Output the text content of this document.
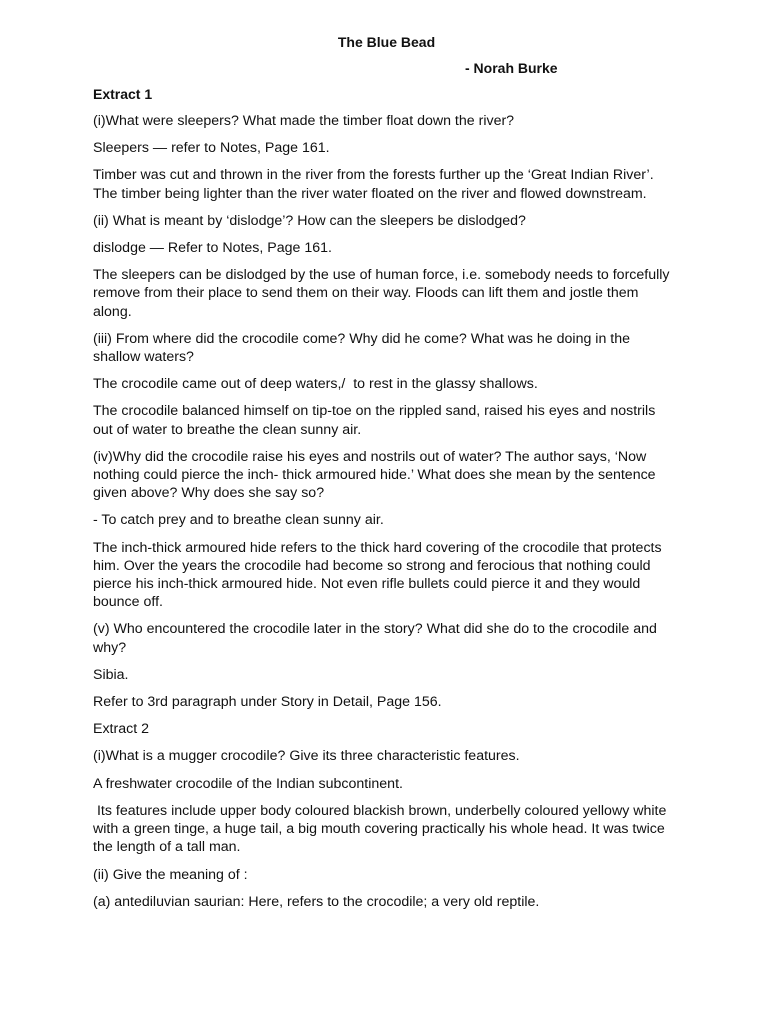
The Blue Bead
- Norah Burke
Extract 1
(i)What were sleepers? What made the timber float down the river?
Sleepers — refer to Notes, Page 161.
Timber was cut and thrown in the river from the forests further up the ‘Great Indian River’. The timber being lighter than the river water floated on the river and flowed downstream.
(ii) What is meant by ‘dislodge’? How can the sleepers be dislodged?
dislodge — Refer to Notes, Page 161.
The sleepers can be dislodged by the use of human force, i.e. somebody needs to forcefully remove from their place to send them on their way. Floods can lift them and jostle them along.
(iii) From where did the crocodile come? Why did he come? What was he doing in the shallow waters?
The crocodile came out of deep waters,/  to rest in the glassy shallows.
The crocodile balanced himself on tip-toe on the rippled sand, raised his eyes and nostrils out of water to breathe the clean sunny air.
(iv)Why did the crocodile raise his eyes and nostrils out of water? The author says, ‘Now nothing could pierce the inch- thick armoured hide.’ What does she mean by the sentence given above? Why does she say so?
- To catch prey and to breathe clean sunny air.
The inch-thick armoured hide refers to the thick hard covering of the crocodile that protects him. Over the years the crocodile had become so strong and ferocious that nothing could pierce his inch-thick armoured hide. Not even rifle bullets could pierce it and they would bounce off.
(v) Who encountered the crocodile later in the story? What did she do to the crocodile and why?
Sibia.
Refer to 3rd paragraph under Story in Detail, Page 156.
Extract 2
(i)What is a mugger crocodile? Give its three characteristic features.
A freshwater crocodile of the Indian subcontinent.
Its features include upper body coloured blackish brown, underbelly coloured yellowy white with a green tinge, a huge tail, a big mouth covering practically his whole head. It was twice the length of a tall man.
(ii) Give the meaning of :
(a) antediluvian saurian: Here, refers to the crocodile; a very old reptile.
